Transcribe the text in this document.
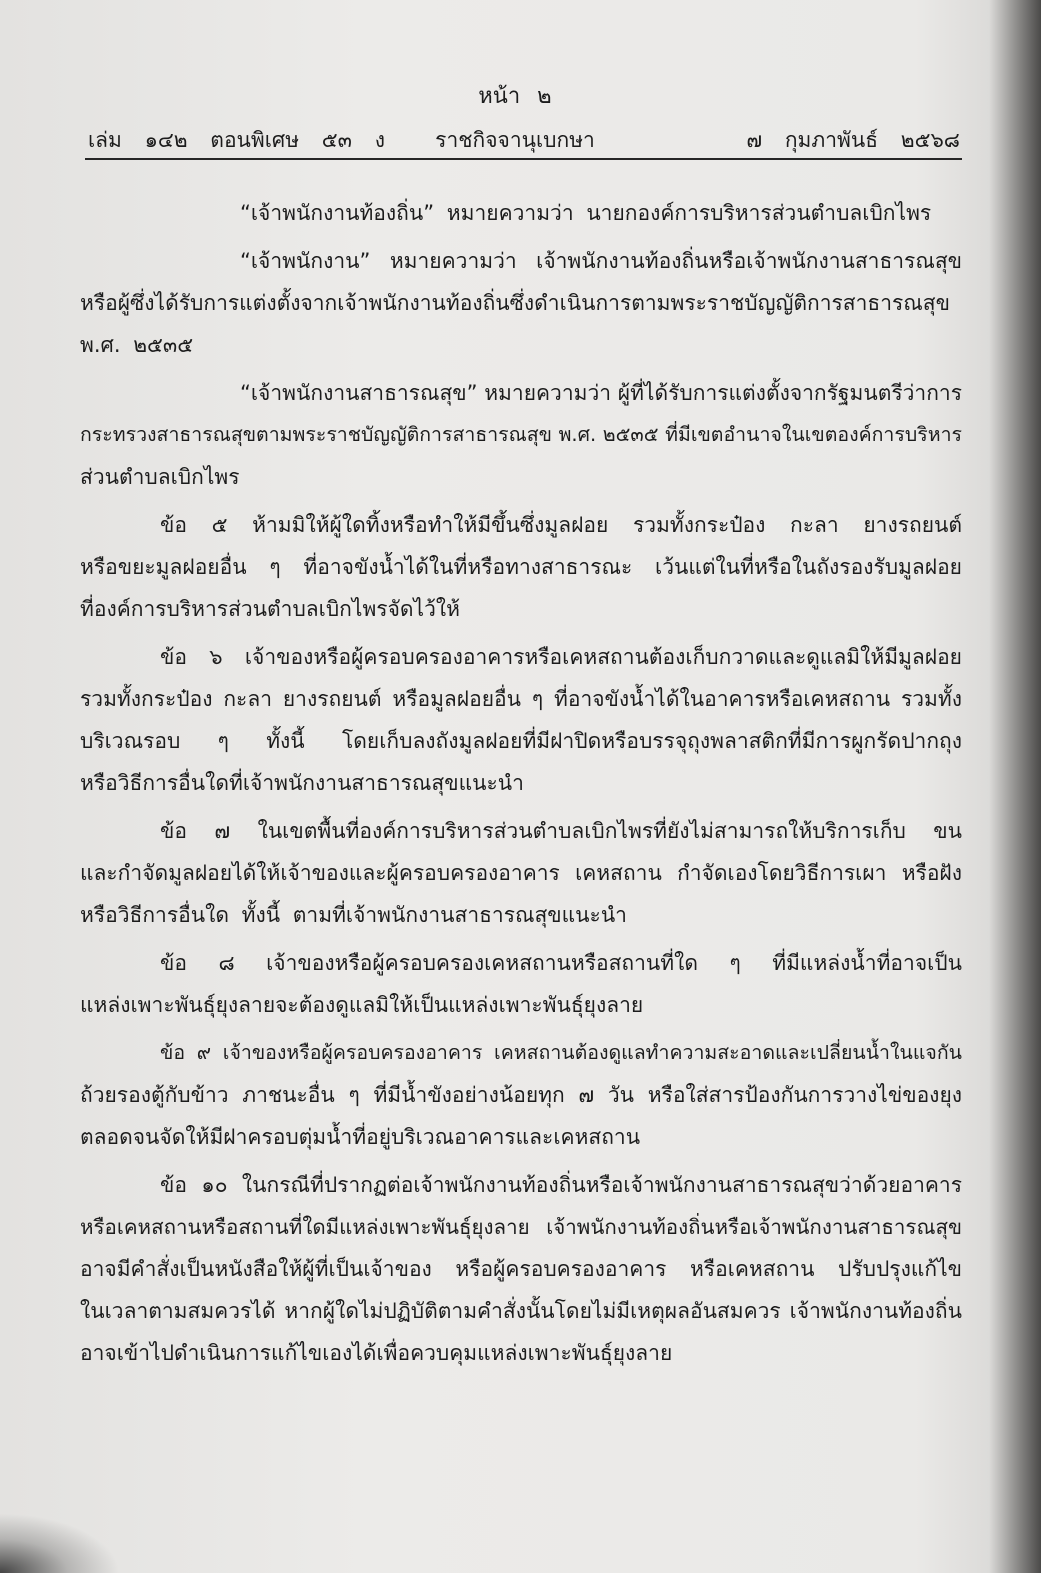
หน้า ๒
เล่ม ๑๔๒ ตอนพิเศษ ๕๓ ง	ราชกิจจานุเบกษา	๗ กุมภาพันธ์ ๒๕๖๘
“เจ้าพนักงานท้องถิ่น” หมายความว่า นายกองค์การบริหารส่วนตำบลเบิกไพร
“เจ้าพนักงาน” หมายความว่า เจ้าพนักงานท้องถิ่นหรือเจ้าพนักงานสาธารณสุข
หรือผู้ซึ่งได้รับการแต่งตั้งจากเจ้าพนักงานท้องถิ่นซึ่งดำเนินการตามพระราชบัญญัติการสาธารณสุข
พ.ศ. ๒๕๓๕
“เจ้าพนักงานสาธารณสุข” หมายความว่า ผู้ที่ได้รับการแต่งตั้งจากรัฐมนตรีว่าการ
กระทรวงสาธารณสุขตามพระราชบัญญัติการสาธารณสุข พ.ศ. ๒๕๓๕ ที่มีเขตอำนาจในเขตองค์การบริหาร
ส่วนตำบลเบิกไพร
ข้อ ๕ ห้ามมิให้ผู้ใดทิ้งหรือทำให้มีขึ้นซึ่งมูลฝอย รวมทั้งกระป๋อง กะลา ยางรถยนต์
หรือขยะมูลฝอยอื่น ๆ ที่อาจขังน้ำได้ในที่หรือทางสาธารณะ เว้นแต่ในที่หรือในถังรองรับมูลฝอย
ที่องค์การบริหารส่วนตำบลเบิกไพรจัดไว้ให้
ข้อ ๖ เจ้าของหรือผู้ครอบครองอาคารหรือเคหสถานต้องเก็บกวาดและดูแลมิให้มีมูลฝอย
รวมทั้งกระป๋อง กะลา ยางรถยนต์ หรือมูลฝอยอื่น ๆ ที่อาจขังน้ำได้ในอาคารหรือเคหสถาน รวมทั้ง
บริเวณรอบ ๆ ทั้งนี้ โดยเก็บลงถังมูลฝอยที่มีฝาปิดหรือบรรจุถุงพลาสติกที่มีการผูกรัดปากถุง
หรือวิธีการอื่นใดที่เจ้าพนักงานสาธารณสุขแนะนำ
ข้อ ๗ ในเขตพื้นที่องค์การบริหารส่วนตำบลเบิกไพรที่ยังไม่สามารถให้บริการเก็บ ขน
และกำจัดมูลฝอยได้ให้เจ้าของและผู้ครอบครองอาคาร เคหสถาน กำจัดเองโดยวิธีการเผา หรือฝัง
หรือวิธีการอื่นใด ทั้งนี้ ตามที่เจ้าพนักงานสาธารณสุขแนะนำ
ข้อ ๘ เจ้าของหรือผู้ครอบครองเคหสถานหรือสถานที่ใด ๆ ที่มีแหล่งน้ำที่อาจเป็น
แหล่งเพาะพันธุ์ยุงลายจะต้องดูแลมิให้เป็นแหล่งเพาะพันธุ์ยุงลาย
ข้อ ๙ เจ้าของหรือผู้ครอบครองอาคาร เคหสถานต้องดูแลทำความสะอาดและเปลี่ยนน้ำในแจกัน
ถ้วยรองตู้กับข้าว ภาชนะอื่น ๆ ที่มีน้ำขังอย่างน้อยทุก ๗ วัน หรือใส่สารป้องกันการวางไข่ของยุง
ตลอดจนจัดให้มีฝาครอบตุ่มน้ำที่อยู่บริเวณอาคารและเคหสถาน
ข้อ ๑๐ ในกรณีที่ปรากฏต่อเจ้าพนักงานท้องถิ่นหรือเจ้าพนักงานสาธารณสุขว่าด้วยอาคาร
หรือเคหสถานหรือสถานที่ใดมีแหล่งเพาะพันธุ์ยุงลาย เจ้าพนักงานท้องถิ่นหรือเจ้าพนักงานสาธารณสุข
อาจมีคำสั่งเป็นหนังสือให้ผู้ที่เป็นเจ้าของ หรือผู้ครอบครองอาคาร หรือเคหสถาน ปรับปรุงแก้ไข
ในเวลาตามสมควรได้ หากผู้ใดไม่ปฏิบัติตามคำสั่งนั้นโดยไม่มีเหตุผลอันสมควร เจ้าพนักงานท้องถิ่น
อาจเข้าไปดำเนินการแก้ไขเองได้เพื่อควบคุมแหล่งเพาะพันธุ์ยุงลาย
